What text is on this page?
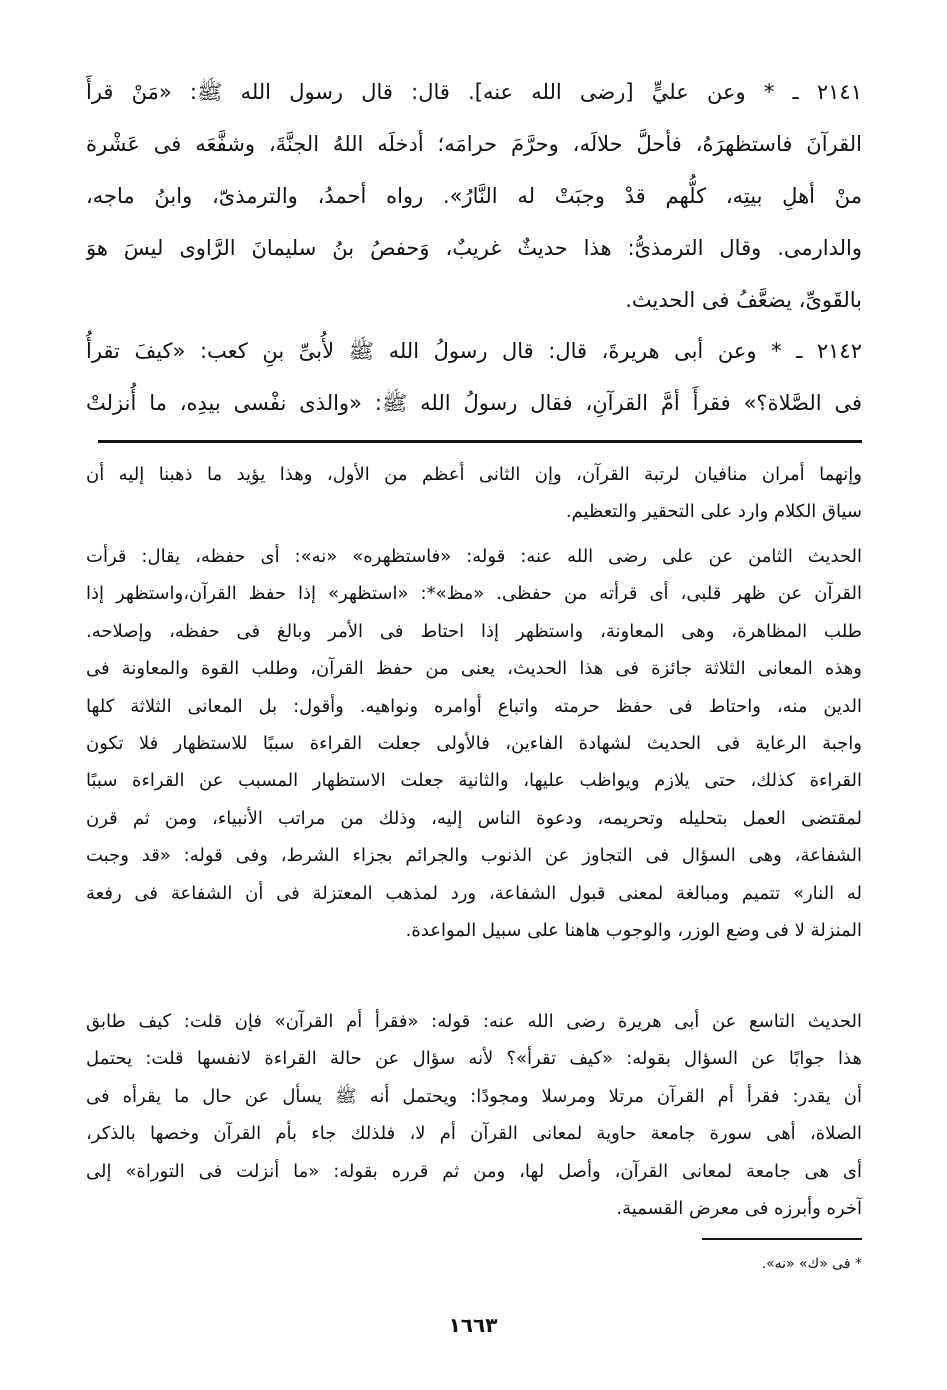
٢١٤١ ـ * وعن عليٍّ [رضى الله عنه]. قال: قال رسول الله ﷺ: «مَنْ قرأَ
القرآنَ فاستظهرَهُ، فأحلَّ حلالَه، وحرَّمَ حرامَه؛ أدخلَه اللهُ الجنَّةَ، وشفَّعَه فى عَشْرة
منْ أهلِ بيتِه، كلُّهم قدْ وجبَتْ له النَّارُ». رواه أحمدُ، والترمذىّ، وابنُ ماجه،
والدارمى. وقال الترمذىُّ: هذا حديثٌ غريبٌ، وَحفصُ بنُ سليمانَ الرَّاوى ليسَ هوَ
بالقَوىِّ، يضعَّفُ فى الحديث.
٢١٤٢ ـ * وعن أبى هريرةَ، قال: قال رسولُ الله ﷺ لأُبىِّ بنِ كعب: «كيفَ تقرأُ
فى الصَّلاة؟» فقرأَ أمَّ القرآنِ، فقال رسولُ الله ﷺ: «والذى نفْسى بيدِه، ما أُنزلتْ
وإنهما أمران منافيان لرتبة القرآن، وإن الثانى أعظم من الأول، وهذا يؤيد ما ذهبنا إليه أن
سياق الكلام وارد على التحقير والتعظيم.
الحديث الثامن عن على رضى الله عنه: قوله: «فاستظهره» «نه»: أى حفظه، يقال: قرأت
القرآن عن ظهر قلبى، أى قرأته من حفظى. «مظ»*: «استظهر» إذا حفظ القرآن،واستظهر إذا
طلب المظاهرة، وهى المعاونة، واستظهر إذا احتاط فى الأمر وبالغ فى حفظه، وإصلاحه.
وهذه المعانى الثلاثة جائزة فى هذا الحديث، يعنى من حفظ القرآن، وطلب القوة والمعاونة فى
الدين منه، واحتاط فى حفظ حرمته واتباع أوامره ونواهيه. وأقول: بل المعانى الثلاثة كلها
واجبة الرعاية فى الحديث لشهادة الفاءين، فالأولى جعلت القراءة سببًا للاستظهار فلا تكون
القراءة كذلك، حتى يلازم ويواظب عليها، والثانية جعلت الاستظهار المسبب عن القراءة سببًا
لمقتضى العمل بتحليله وتحريمه، ودعوة الناس إليه، وذلك من مراتب الأنبياء، ومن ثم قرن
الشفاعة، وهى السؤال فى التجاوز عن الذنوب والجرائم بجزاء الشرط، وفى قوله: «قد وجبت
له النار» تتميم ومبالغة لمعنى قبول الشفاعة، ورد لمذهب المعتزلة فى أن الشفاعة فى رفعة
المنزلة لا فى وضع الوزر، والوجوب هاهنا على سبيل المواعدة.
الحديث التاسع عن أبى هريرة رضى الله عنه: قوله: «فقرأ أم القرآن» فإن قلت: كيف طابق
هذا جوابًا عن السؤال بقوله: «كيف تقرأ»؟ لأنه سؤال عن حالة القراءة لانفسها قلت: يحتمل
أن يقدر: فقرأ أم القرآن مرتلا ومرسلا ومجودًا: ويحتمل أنه ﷺ يسأل عن حال ما يقرأه فى
الصلاة، أهى سورة جامعة حاوية لمعانى القرآن أم لا، فلذلك جاء بأم القرآن وخصها بالذكر،
أى هى جامعة لمعانى القرآن، وأصل لها، ومن ثم قرره بقوله: «ما أنزلت فى التوراة» إلى
آخره وأبرزه فى معرض القسمية.
* فى «ك» «نه».
١٦٦٣
